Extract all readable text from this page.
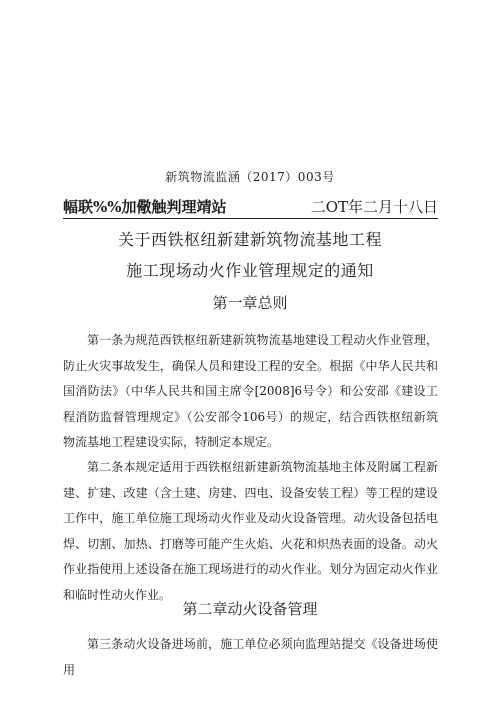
新筑物流监涵（2017）003号
幅联%%加儆触判理靖站	二OT年二月十八日
关于西铁枢纽新建新筑物流基地工程
施工现场动火作业管理规定的通知
第一章总则

第一条为规范西铁枢纽新建新筑物流基地建设工程动火作业管理，防止火灾事故发生，确保人员和建设工程的安全。根据《中华人民共和国消防法》（中华人民共和国主席令[2008]6号令）和公安部《建设工程消防监督管理规定》（公安部令106号）的规定，结合西铁枢纽新筑物流基地工程建设实际，特制定本规定。

第二条本规定适用于西铁枢纽新建新筑物流基地主体及附属工程新建、扩建、改建（含土建、房建、四电、设备安装工程）等工程的建设工作中，施工单位施工现场动火作业及动火设备管理。动火设备包括电焊、切割、加热、打磨等可能产生火焰、火花和炽热表面的设备。动火作业指使用上述设备在施工现场进行的动火作业。划分为固定动火作业和临时性动火作业。

第二章动火设备管理

第三条动火设备进场前，施工单位必须向监理站提交《设备进场使用
